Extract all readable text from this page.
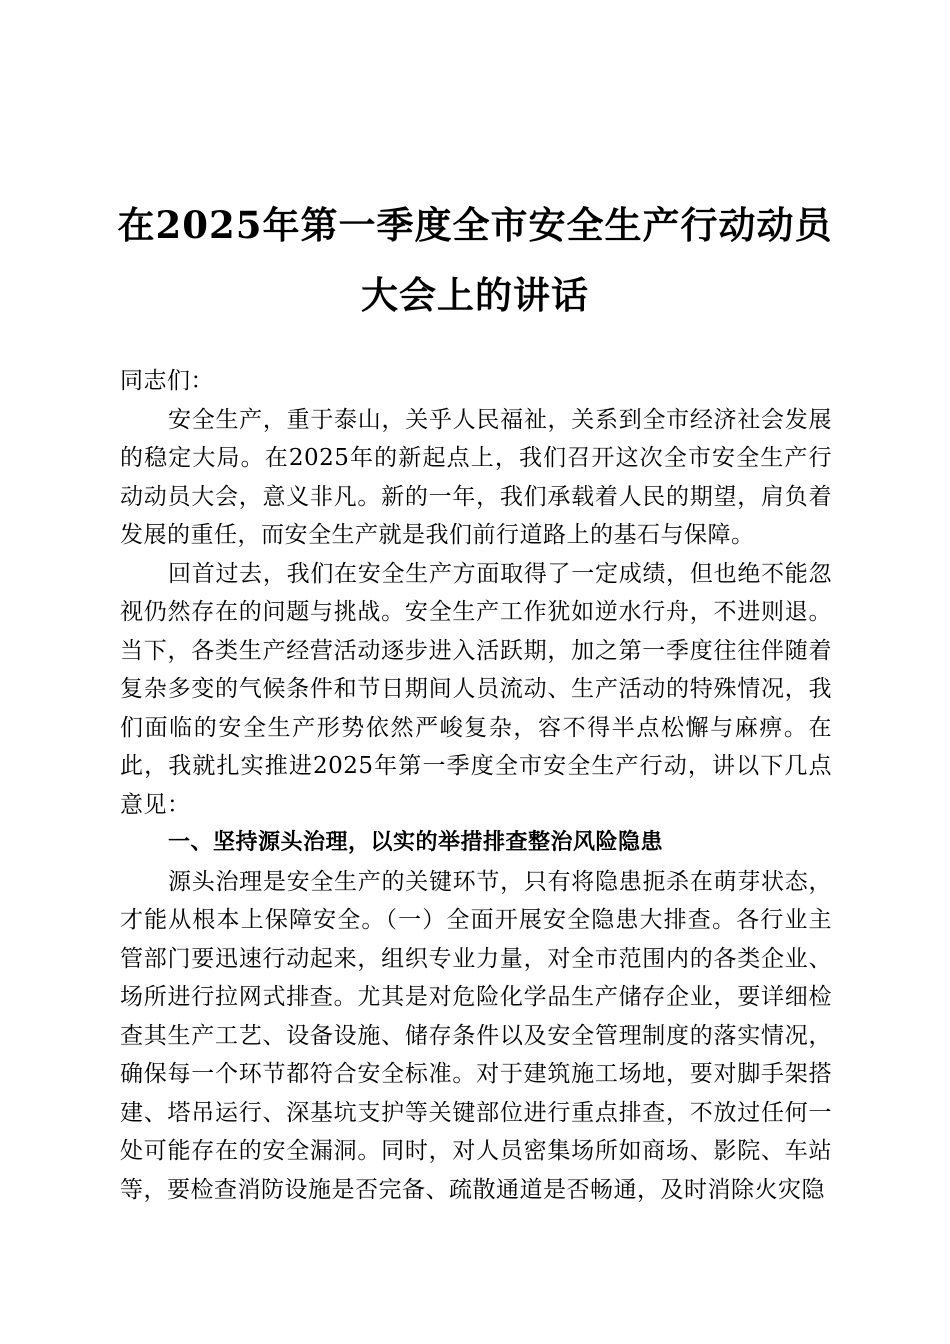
在2025年第一季度全市安全生产行动动员大会上的讲话

同志们：

安全生产，重于泰山，关乎人民福祉，关系到全市经济社会发展的稳定大局。在2025年的新起点上，我们召开这次全市安全生产行动动员大会，意义非凡。新的一年，我们承载着人民的期望，肩负着发展的重任，而安全生产就是我们前行道路上的基石与保障。

回首过去，我们在安全生产方面取得了一定成绩，但也绝不能忽视仍然存在的问题与挑战。安全生产工作犹如逆水行舟，不进则退。当下，各类生产经营活动逐步进入活跃期，加之第一季度往往伴随着复杂多变的气候条件和节日期间人员流动、生产活动的特殊情况，我们面临的安全生产形势依然严峻复杂，容不得半点松懈与麻痹。在此，我就扎实推进2025年第一季度全市安全生产行动，讲以下几点意见：

一、坚持源头治理，以实的举措排查整治风险隐患

源头治理是安全生产的关键环节，只有将隐患扼杀在萌芽状态，才能从根本上保障安全。（一）全面开展安全隐患大排查。各行业主管部门要迅速行动起来，组织专业力量，对全市范围内的各类企业、场所进行拉网式排查。尤其是对危险化学品生产储存企业，要详细检查其生产工艺、设备设施、储存条件以及安全管理制度的落实情况，确保每一个环节都符合安全标准。对于建筑施工场地，要对脚手架搭建、塔吊运行、深基坑支护等关键部位进行重点排查，不放过任何一处可能存在的安全漏洞。同时，对人员密集场所如商场、影院、车站等，要检查消防设施是否完备、疏散通道是否畅通，及时消除火灾隐
